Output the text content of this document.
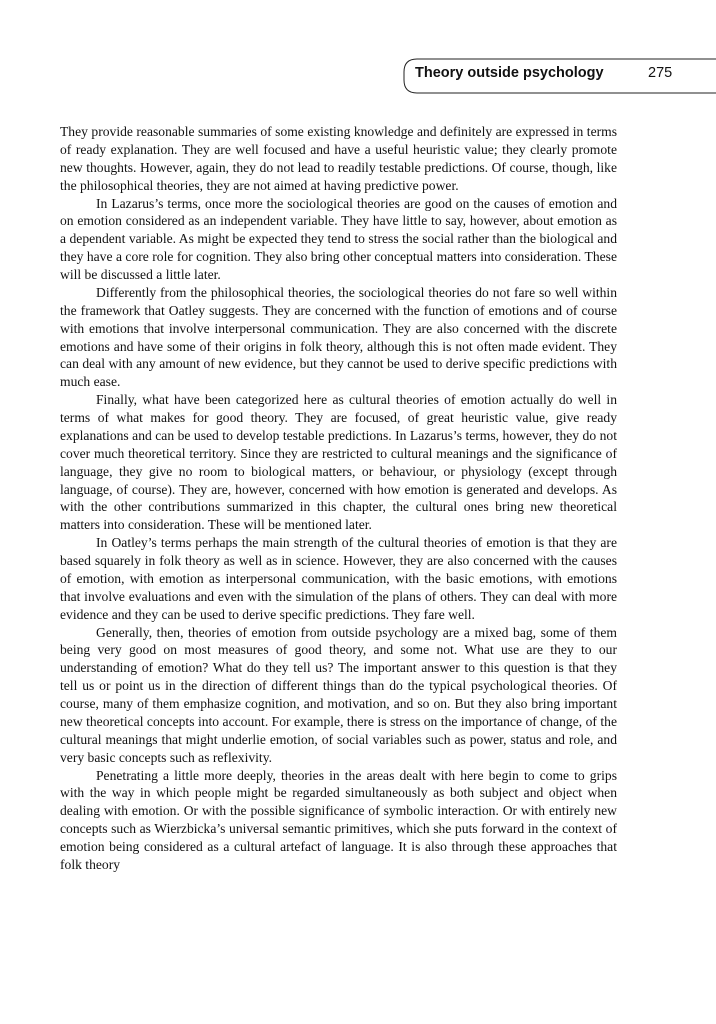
Theory outside psychology	275

They provide reasonable summaries of some existing knowledge and definitely are expressed in terms of ready explanation. They are well focused and have a useful heuristic value; they clearly promote new thoughts. However, again, they do not lead to readily testable predictions. Of course, though, like the philosophical theories, they are not aimed at having predictive power.

In Lazarus’s terms, once more the sociological theories are good on the causes of emotion and on emotion considered as an independent variable. They have little to say, however, about emotion as a dependent variable. As might be expected they tend to stress the social rather than the biological and they have a core role for cognition. They also bring other conceptual matters into consideration. These will be discussed a little later.

Differently from the philosophical theories, the sociological theories do not fare so well within the framework that Oatley suggests. They are concerned with the function of emotions and of course with emotions that involve interpersonal communication. They are also concerned with the discrete emotions and have some of their origins in folk theory, although this is not often made evident. They can deal with any amount of new evidence, but they cannot be used to derive specific predictions with much ease.

Finally, what have been categorized here as cultural theories of emotion actually do well in terms of what makes for good theory. They are focused, of great heuristic value, give ready explanations and can be used to develop testable predictions. In Lazarus’s terms, however, they do not cover much theoretical territory. Since they are restricted to cultural meanings and the significance of language, they give no room to biological matters, or behaviour, or physiology (except through language, of course). They are, however, concerned with how emotion is generated and develops. As with the other contributions summarized in this chapter, the cultural ones bring new theoretical matters into consideration. These will be mentioned later.

In Oatley’s terms perhaps the main strength of the cultural theories of emotion is that they are based squarely in folk theory as well as in science. However, they are also concerned with the causes of emotion, with emotion as interpersonal communication, with the basic emotions, with emotions that involve evaluations and even with the simulation of the plans of others. They can deal with more evidence and they can be used to derive specific predictions. They fare well.

Generally, then, theories of emotion from outside psychology are a mixed bag, some of them being very good on most measures of good theory, and some not. What use are they to our understanding of emotion? What do they tell us? The important answer to this question is that they tell us or point us in the direction of different things than do the typical psychological theories. Of course, many of them emphasize cognition, and motivation, and so on. But they also bring important new theoretical concepts into account. For example, there is stress on the importance of change, of the cultural meanings that might underlie emotion, of social variables such as power, status and role, and very basic concepts such as reflexivity.

Penetrating a little more deeply, theories in the areas dealt with here begin to come to grips with the way in which people might be regarded simultaneously as both subject and object when dealing with emotion. Or with the possible significance of symbolic interaction. Or with entirely new concepts such as Wierzbicka’s universal semantic primitives, which she puts forward in the context of emotion being considered as a cultural artefact of language. It is also through these approaches that folk theory
